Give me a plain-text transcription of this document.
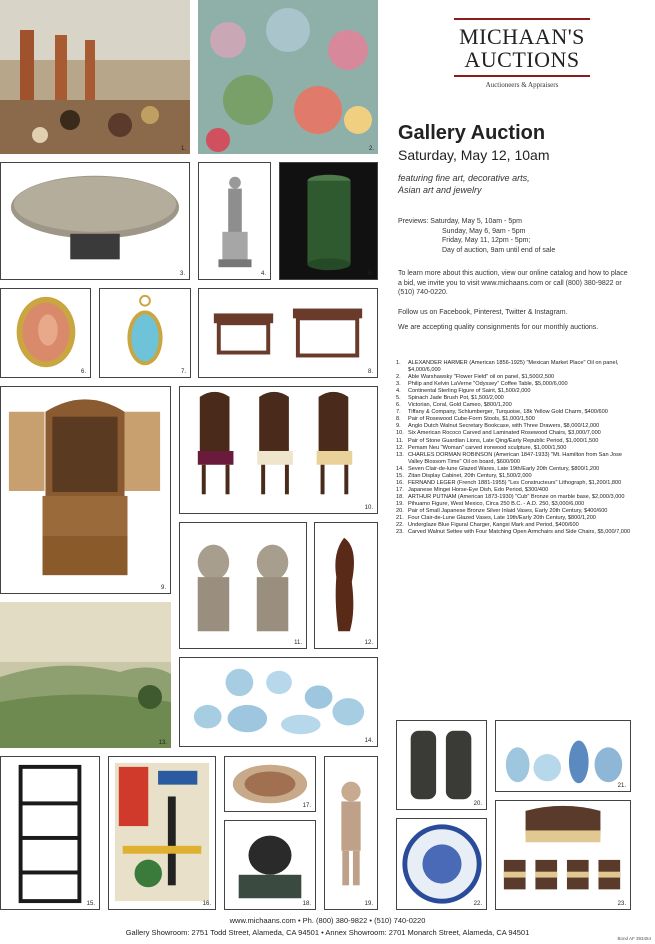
MICHAAN'S
AUCTIONS
Auctioneers & Appraisers
Gallery Auction
Saturday, May 12, 10am
featuring fine art, decorative arts,
Asian art and jewelry
Previews: Saturday, May 5, 10am - 5pm
Sunday, May 6, 9am - 5pm
Friday, May 11, 12pm - 5pm;
Day of auction, 9am until end of sale
To learn more about this auction, view our online catalog and how to place a bid, we invite you to visit www.michaans.com or call (800) 380-9822 or (510) 740-0220.
Follow us on Facebook, Pinterest, Twitter & Instagram.
We are accepting quality consignments for our monthly auctions.
1.	ALEXANDER HARMER (American 1856-1925) "Mexican Market Place" Oil on panel, $4,000/6,000
2.	Able Warshawsky "Flower Field" oil on panel, $1,500/2,500
3.	Philip and Kelvin LaVerne "Odyssey" Coffee Table, $5,000/6,000
4.	Continental Sterling Figure of Saint, $1,500/2,000
5.	Spinach Jade Brush Pot, $1,500/2,000
6.	Victorian, Coral, Gold Cameo, $800/1,200
7.	Tiffany & Company, Schlumberger, Turquoise, 18k Yellow Gold Charm, $400/600
8.	Pair of Rosewood Cube-Form Stools, $1,000/1,500
9.	Anglo Dutch Walnut Secretary Bookcase, with Three Drawers, $8,000/12,000
10. Six American Rococo Carved and Laminated Rosewood Chairs, $3,000/7,000
11. Pair of Stone Guardian Lions, Late Qing/Early Republic Period, $1,000/1,500
12. Pemam Neu "Woman" carved ironwood sculpture, $1,000/1,500
13. CHARLES DORMAN ROBINSON (American 1847-1933) "Mt. Hamilton from San Jose Valley Blossom Time" Oil on board, $600/900
14. Seven Clair-de-lune Glazed Wares, Late 19th/Early 20th Century, $800/1,200
15. Zitan Display Cabinet, 20th Century, $1,500/2,000
16. FERNAND LEGER (French 1881-1955) "Les Constructeurs" Lithograph, $1,200/1,800
17. Japanese Mingei Horse-Eye Dish, Edo Period, $300/400
18. ARTHUR PUTNAM (American 1873-1930) "Cub" Bronze on marble base, $2,000/3,000
19. Pihuamo Figure, West Mexico, Circa 250 B.C. - A.D. 250, $3,000/6,000
20. Pair of Small Japanese Bronze Silver Inlaid Vases, Early 20th Century, $400/600
21. Four Clair-de-Lune Glazed Vases, Late 19th/Early 20th Century, $800/1,200
22. Underglaze Blue Figural Charger, Kangxi Mark and Period, $400/600
23. Carved Walnut Settee with Four Matching Open Armchairs and Side Chairs, $5,000/7,000
1.	2.
3.	4.	5.
6.	7.	8.
9.
10.
11.	12.
13.	14.
15.	16.
17.
18.	19.
20.
21.
22.	23.
www.michaans.com • Ph. (800) 380-9822 • (510) 740-0220
Gallery Showroom: 2751 Todd Street, Alameda, CA 94501 • Annex Showroom: 2701 Monarch Street, Alameda, CA 94501
Bond AF 393454
